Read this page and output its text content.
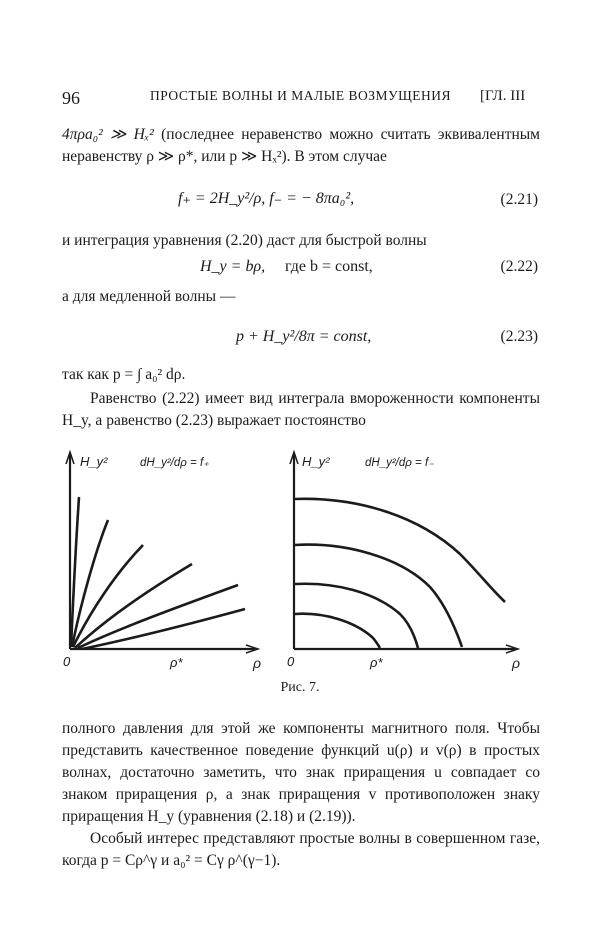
96	ПРОСТЫЕ ВОЛНЫ И МАЛЫЕ ВОЗМУЩЕНИЯ [ГЛ. III
4πρa₀² ≫ Hₓ² (последнее неравенство можно считать эквивалентным неравенству ρ ≫ ρ*, или p ≫ Hₓ²). В этом случае
f₊ = 2H_y²/ρ, f₋ = − 8πa₀²,	(2.21)
и интеграция уравнения (2.20) даст для быстрой волны
H_y = bρ, где b = const,	(2.22)
а для медленной волны —
p + H_y²/8π = const,	(2.23)
так как p = ∫ a₀² dρ.
Равенство (2.22) имеет вид интеграла вмороженности компоненты H_y, а равенство (2.23) выражает постоянство
H_y²	dH_y²/dρ = f₊
0	ρ*	ρ
H_y²	dH_y²/dρ = f₋
0	ρ*	ρ
Рис. 7.
полного давления для этой же компоненты магнитного поля. Чтобы представить качественное поведение функций u(ρ) и v(ρ) в простых волнах, достаточно заметить, что знак приращения u совпадает со знаком приращения ρ, а знак приращения v противоположен знаку приращения H_y (уравнения (2.18) и (2.19)).
Особый интерес представляют простые волны в совершенном газе, когда p = Cρ^γ и a₀² = Cγ ρ^(γ−1).
